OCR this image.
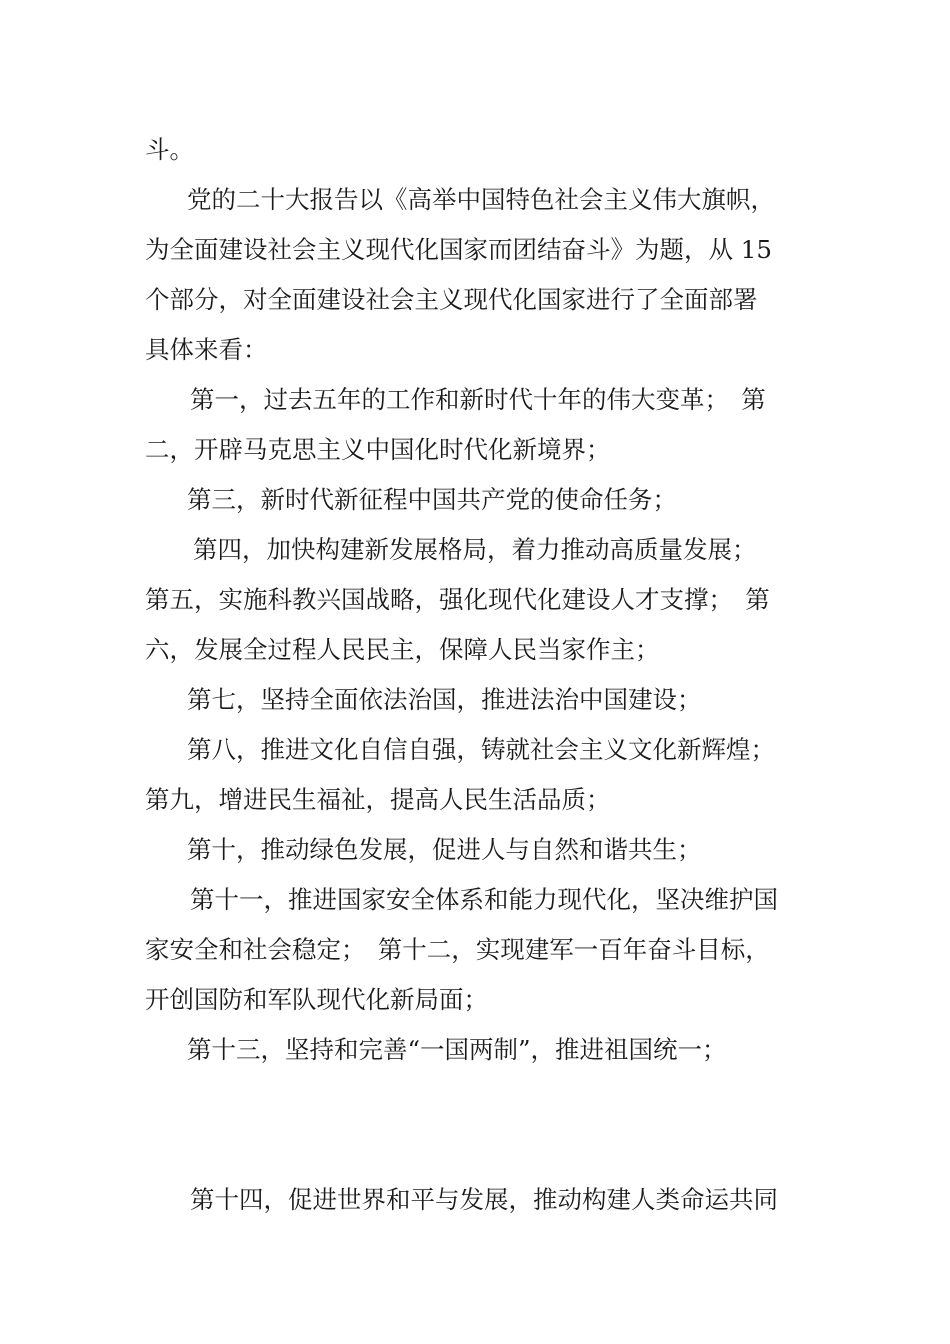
斗。
党的二十大报告以《高举中国特色社会主义伟大旗帜，
为全面建设社会主义现代化国家而团结奋斗》为题，从 15
个部分，对全面建设社会主义现代化国家进行了全面部署
具体来看：
第一，过去五年的工作和新时代十年的伟大变革；　第
二，开辟马克思主义中国化时代化新境界；
第三，新时代新征程中国共产党的使命任务；
第四，加快构建新发展格局，着力推动高质量发展；
第五，实施科教兴国战略，强化现代化建设人才支撑；　第
六，发展全过程人民民主，保障人民当家作主；
第七，坚持全面依法治国，推进法治中国建设；
第八，推进文化自信自强，铸就社会主义文化新辉煌；
第九，增进民生福祉，提高人民生活品质；
第十，推动绿色发展，促进人与自然和谐共生；
第十一，推进国家安全体系和能力现代化，坚决维护国
家安全和社会稳定；　第十二，实现建军一百年奋斗目标，
开创国防和军队现代化新局面；
第十三，坚持和完善“一国两制”，推进祖国统一；
第十四，促进世界和平与发展，推动构建人类命运共同
